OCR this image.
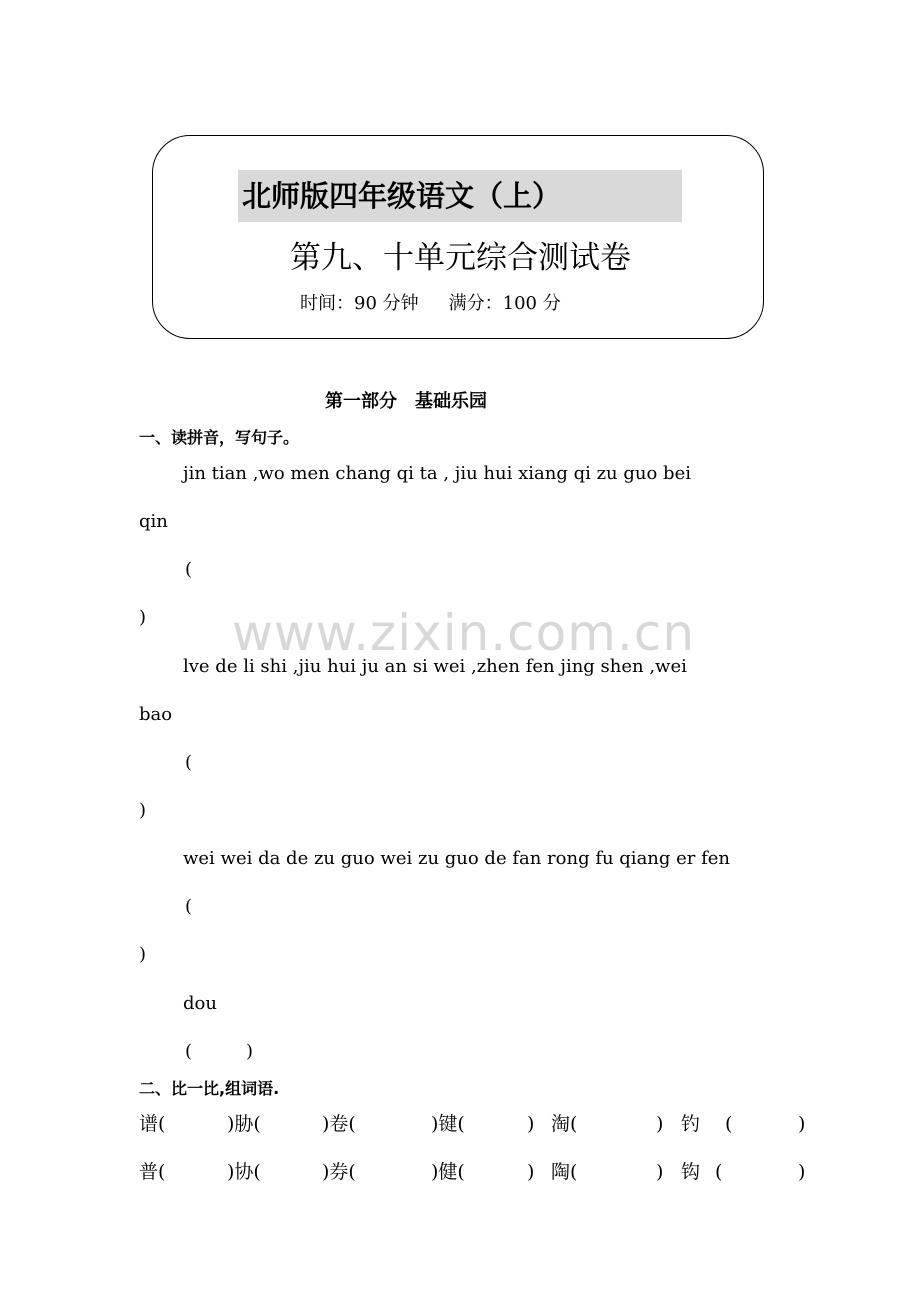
北师版四年级语文（上）
第九、十单元综合测试卷
时间：90 分钟 满分：100 分
www.zixin.com.cn
第一部分　基础乐园
一、读拼音，写句子。
jin tian ,wo men chang qi ta , jiu hui xiang qi zu guo bei
qin
(
)
lve de li shi ,jiu hui ju an si wei ,zhen fen jing shen ,wei
bao
(
)
wei wei da de zu guo wei zu guo de fan rong fu qiang er fen
(
)
dou
(　　　)
二、比一比,组词语.
谱(	)胁(	)卷(	)键(	) 淘(	) 钓 (	)
普(	)协(	)券(	)健(	) 陶(	) 钩 (	)
